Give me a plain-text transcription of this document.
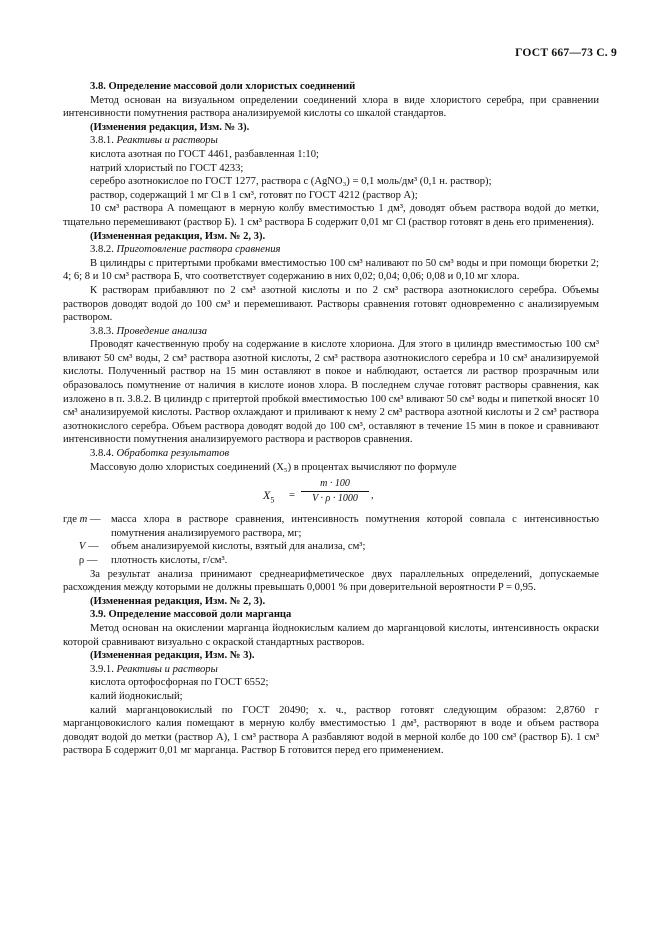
ГОСТ 667—73 С. 9

3.8. Определение массовой доли хлористых соединений

Метод основан на визуальном определении соединений хлора в виде хлористого серебра, при сравнении интенсивности помутнения раствора анализируемой кислоты со шкалой стандартов.

(Изменения редакция, Изм. № 3).

3.8.1. Реактивы и растворы

кислота азотная по ГОСТ 4461, разбавленная 1:10;

натрий хлористый по ГОСТ 4233;

серебро азотнокислое по ГОСТ 1277, раствора c (AgNO₃) = 0,1 моль/дм³ (0,1 н. раствор);

раствор, содержащий 1 мг Cl в 1 см³, готовят по ГОСТ 4212 (раствор А);

10 см³ раствора А помещают в мерную колбу вместимостью 1 дм³, доводят объем раствора водой до метки, тщательно перемешивают (раствор Б). 1 см³ раствора Б содержит 0,01 мг Cl (раствор готовят в день его применения).

(Измененная редакция, Изм. № 2, 3).

3.8.2. Приготовление раствора сравнения

В цилиндры с притертыми пробками вместимостью 100 см³ наливают по 50 см³ воды и при помощи бюретки 2; 4; 6; 8 и 10 см³ раствора Б, что соответствует содержанию в них 0,02; 0,04; 0,06; 0,08 и 0,10 мг хлора.

К растворам прибавляют по 2 см³ азотной кислоты и по 2 см³ раствора азотнокислого серебра. Объемы растворов доводят водой до 100 см³ и перемешивают. Растворы сравнения готовят одновременно с анализируемым раствором.

3.8.3. Проведение анализа

Проводят качественную пробу на содержание в кислоте хлориона. Для этого в цилиндр вместимостью 100 см³ вливают 50 см³ воды, 2 см³ раствора азотной кислоты, 2 см³ раствора азотнокислого серебра и 10 см³ анализируемой кислоты. Полученный раствор на 15 мин оставляют в покое и наблюдают, остается ли раствор прозрачным или образовалось помутнение от наличия в кислоте ионов хлора. В последнем случае готовят растворы сравнения, как изложено в п. 3.8.2. В цилиндр с притертой пробкой вместимостью 100 см³ вливают 50 см³ воды и пипеткой вносят 10 см³ анализируемой кислоты. Раствор охлаждают и приливают к нему 2 см³ раствора азотной кислоты и 2 см³ раствора азотнокислого серебра. Объем раствора доводят водой до 100 см³, оставляют в течение 15 мин в покое и сравнивают интенсивности помутнения анализируемого раствора и растворов сравнения.

3.8.4. Обработка результатов

Массовую долю хлористых соединений (X₅) в процентах вычисляют по формуле

$X_5 = \frac{m \cdot 100}{V \cdot \rho \cdot 1000}$ ,

где m — масса хлора в растворе сравнения, интенсивность помутнения которой совпала с интенсивностью помутнения анализируемого раствора, мг;

V —	объем анализируемой кислоты, взятый для анализа, см³;

ρ —	плотность кислоты, г/см³.

За результат анализа принимают среднеарифметическое двух параллельных определений, допускаемые расхождения между которыми не должны превышать 0,0001 % при доверительной вероятности P = 0,95.

(Измененная редакция, Изм. № 2, 3).

3.9. Определение массовой доли марганца

Метод основан на окислении марганца йоднокислым калием до марганцовой кислоты, интенсивность окраски которой сравнивают визуально с окраской стандартных растворов.

(Измененная редакция, Изм. № 3).

3.9.1. Реактивы и растворы

кислота ортофосфорная по ГОСТ 6552;

калий йоднокислый;

калий марганцовокислый по ГОСТ 20490; х. ч., раствор готовят следующим образом: 2,8760 г марганцовокислого калия помещают в мерную колбу вместимостью 1 дм³, растворяют в воде и объем раствора доводят водой до метки (раствор А), 1 см³ раствора А разбавляют водой в мерной колбе до 100 см³ (раствор Б). 1 см³ раствора Б содержит 0,01 мг марганца. Раствор Б готовится перед его применением.
